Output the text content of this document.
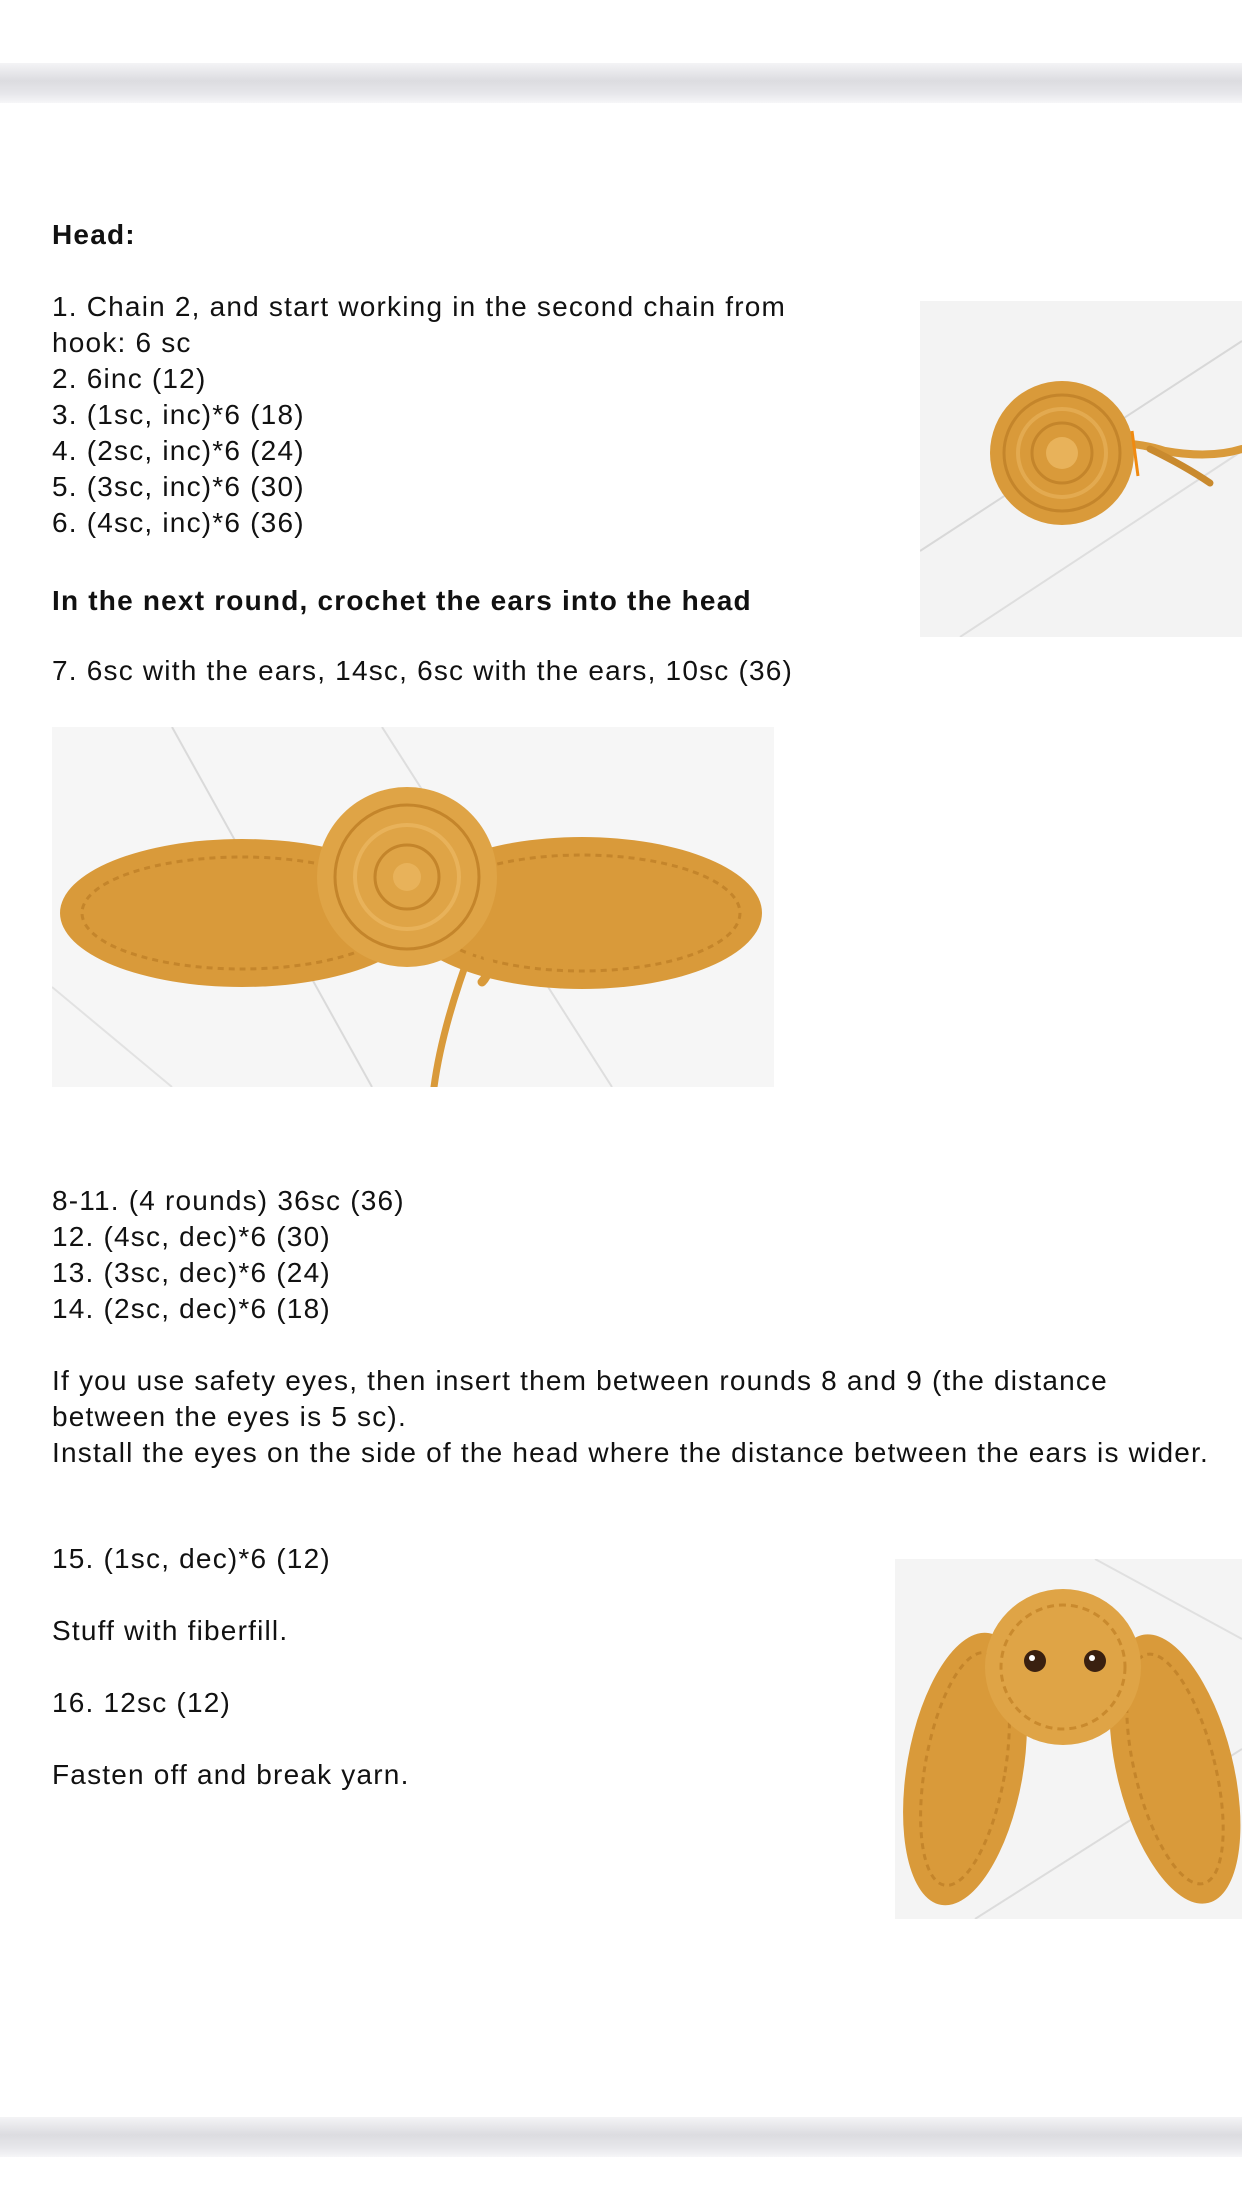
Head:
1. Chain 2, and start working in the second chain from
hook: 6 sc
2. 6inc (12)
3. (1sc, inc)*6 (18)
4. (2sc, inc)*6 (24)
5. (3sc, inc)*6 (30)
6. (4sc, inc)*6 (36)
In the next round, crochet the ears into the head
7. 6sc with the ears, 14sc, 6sc with the ears, 10sc (36)
8-11. (4 rounds) 36sc (36)
12. (4sc, dec)*6 (30)
13. (3sc, dec)*6 (24)
14. (2sc, dec)*6 (18)
If you use safety eyes, then insert them between rounds 8 and 9 (the distance between the eyes is 5 sc).
Install the eyes on the side of the head where the distance between the ears is wider.
15. (1sc, dec)*6 (12)
Stuff with fiberfill.
16. 12sc (12)
Fasten off and break yarn.
